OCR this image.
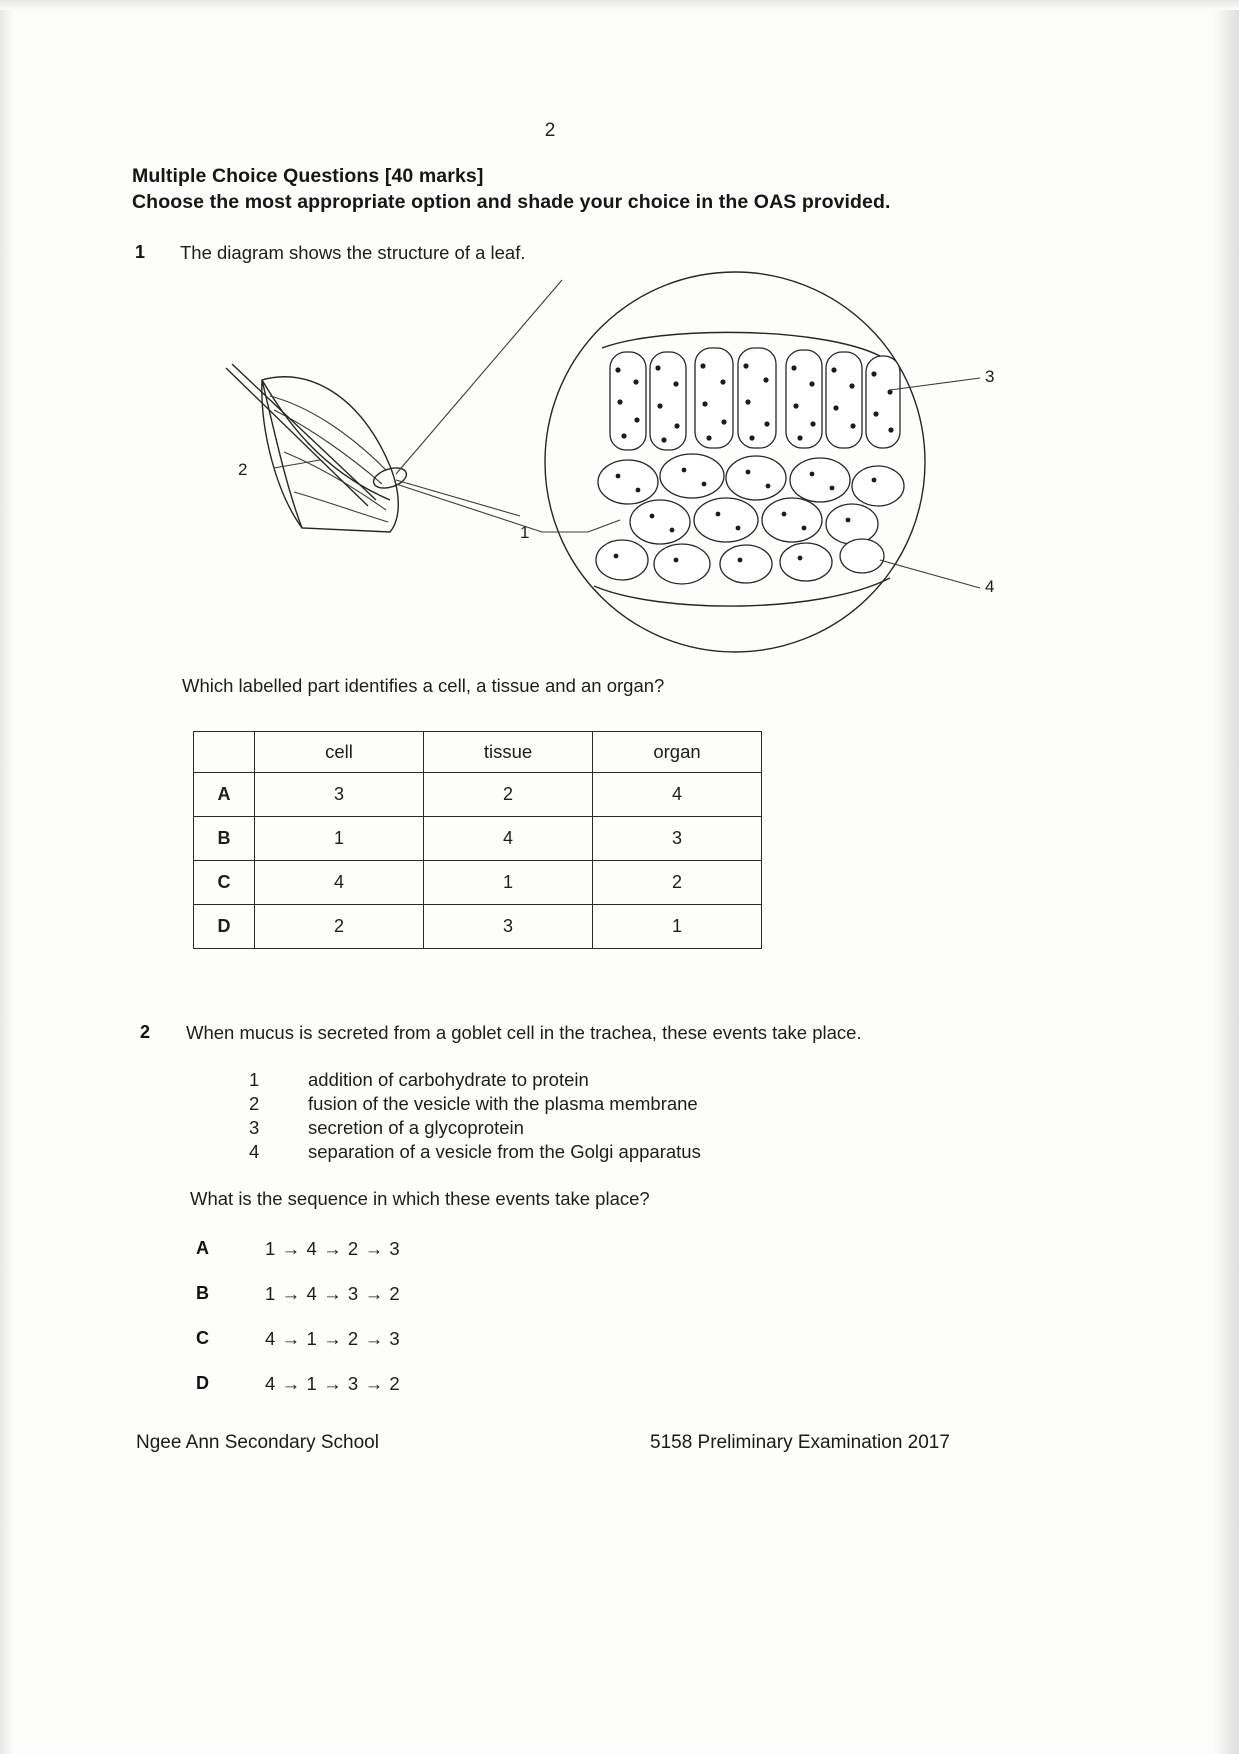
2
Multiple Choice Questions [40 marks]
Choose the most appropriate option and shade your choice in the OAS provided.
1 The diagram shows the structure of a leaf.
3
4
1
2
Which labelled part identifies a cell, a tissue and an organ?
	cell	tissue	organ
A	3	2	4
B	1	4	3
C	4	1	2
D	2	3	1
2 When mucus is secreted from a goblet cell in the trachea, these events take place.
1	addition of carbohydrate to protein
2	fusion of the vesicle with the plasma membrane
3	secretion of a glycoprotein
4	separation of a vesicle from the Golgi apparatus
What is the sequence in which these events take place?
A	1 → 4 → 2 → 3
B	1 → 4 → 3 → 2
C	4 → 1 → 2 → 3
D	4 → 1 → 3 → 2
Ngee Ann Secondary School	5158 Preliminary Examination 2017
